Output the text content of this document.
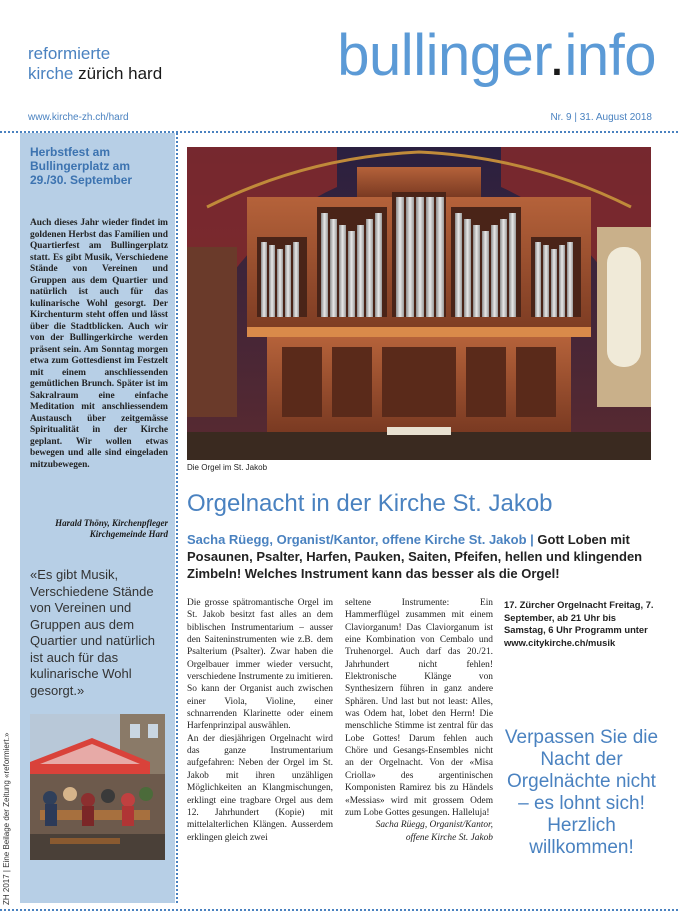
reformierte
kirche zürich hard	bullinger.info
www.kirche-zh.ch/hard	Nr. 9 | 31. August 2018
Herbstfest am Bullingerplatz am 29./30. September
Auch dieses Jahr wieder findet im goldenen Herbst das Familien und Quartierfest am Bullingerplatz statt. Es gibt Musik, Verschiedene Stände von Vereinen und Gruppen aus dem Quartier und natürlich ist auch für das kulinarische Wohl gesorgt. Der Kirchenturm steht offen und lässt über die Stadtblicken. Auch wir von der Bullingerkirche werden präsent sein. Am Sonntag morgen etwa zum Gottesdienst im Festzelt mit einem anschliessenden gemütlichen Brunch. Später ist im Sakralraum eine einfache Meditation mit anschliessendem Austausch über zeitgemässe Spiritualität in der Kirche geplant. Wir wollen etwas bewegen und alle sind eingeladen mitzubewegen.
Harald Thöny, Kirchenpfleger
Kirchgemeinde Hard
«Es gibt Musik, Verschiedene Stände von Vereinen und Gruppen aus dem Quartier und natürlich ist auch für das kulinarische Wohl gesorgt.»
ZH 2017 | Eine Beilage der Zeitung «reformiert.»
Die Orgel im St. Jakob
Orgelnacht in der Kirche St. Jakob
Sacha Rüegg, Organist/Kantor, offene Kirche St. Jakob | Gott Loben mit Posaunen, Psalter, Harfen, Pauken, Saiten, Pfeifen, hellen und klingenden Zimbeln! Welches Instrument kann das besser als die Orgel!

Die grosse spätromantische Orgel im St. Jakob besitzt fast alles an dem biblischen Instrumentarium – ausser den Saiteninstrumenten wie z.B. dem Psalterium (Psalter). Zwar haben die Orgelbauer immer wieder versucht, verschiedene Instrumente zu imitieren. So kann der Organist auch zwischen einer Viola, Violine, einer schnarrenden Klarinette oder einem Harfenprinzipal auswählen.

An der diesjährigen Orgelnacht wird das ganze Instrumentarium aufgefahren: Neben der Orgel im St. Jakob mit ihren unzähligen Möglichkeiten an Klangmischungen, erklingt eine tragbare Orgel aus dem 12. Jahrhundert (Kopie) mit mittelalterlichen Klängen. Ausserdem erklingen gleich zwei

seltene Instrumente: Ein Hammerflügel zusammen mit einem Claviorganum! Das Claviorganum ist eine Kombination von Cembalo und Truhenorgel. Auch darf das 20./21. Jahrhundert nicht fehlen! Elektronische Klänge von Synthesizern führen in ganz andere Sphären. Und last but not least: Alles, was Odem hat, lobet den Herrn! Die menschliche Stimme ist zentral für das Lobe Gottes! Darum fehlen auch Chöre und Gesangs-Ensembles nicht an der Orgelnacht. Von der «Misa Criolla» des argentinischen Komponisten Ramirez bis zu Händels «Messias» wird mit grossem Odem zum Lobe Gottes gesungen. Halleluja!

Sacha Rüegg, Organist/Kantor,
offene Kirche St. Jakob

17. Zürcher Orgelnacht Freitag, 7. September, ab 21 Uhr bis Samstag, 6 Uhr Programm unter www.citykirche.ch/musik
Verpassen Sie die Nacht der Orgelnächte nicht – es lohnt sich! Herzlich willkommen!
